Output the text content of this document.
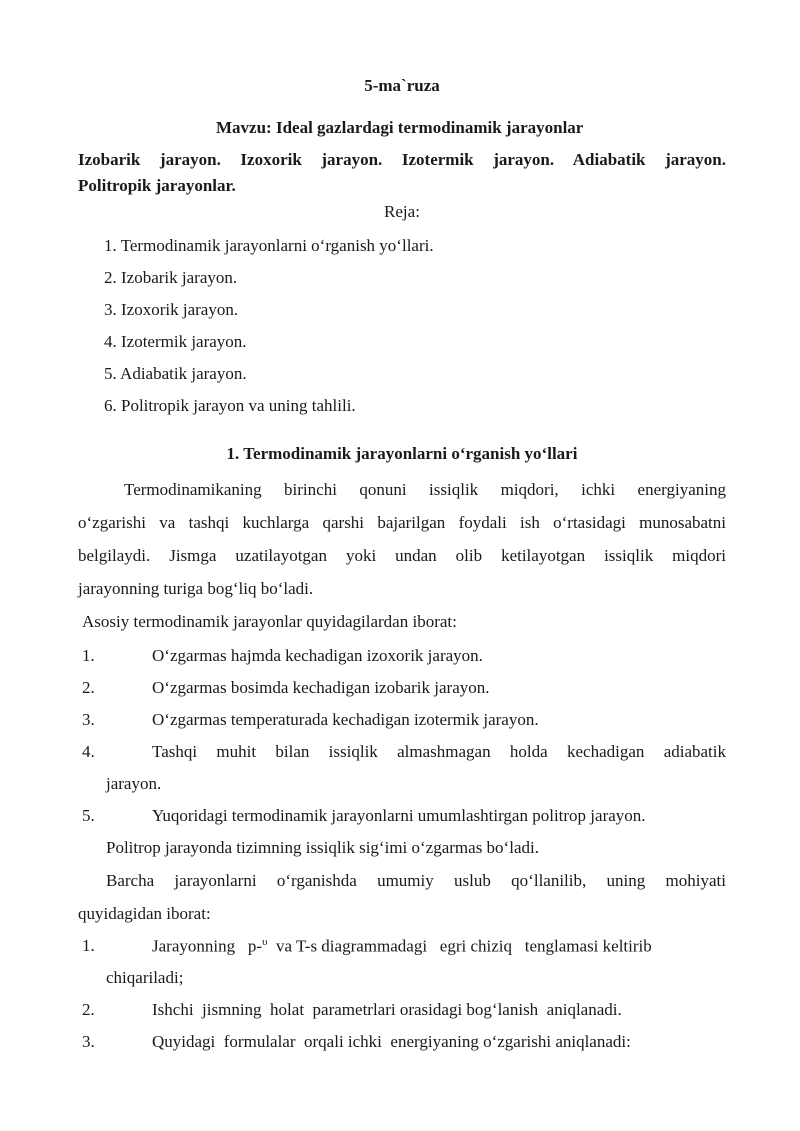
5-ma`ruza
Mavzu: Ideal gazlardagi termodinamik jarayonlar
Izobarik jarayon. Izoxorik jarayon. Izotermik jarayon. Adiabatik jarayon.
Politropik jarayonlar.
Reja:
1. Termodinamik jarayonlarni o‘rganish yo‘llari.
2. Izobarik jarayon.
3. Izoxorik jarayon.
4. Izotermik jarayon.
5. Adiabatik jarayon.
6. Politropik jarayon va uning tahlili.
1. Termodinamik jarayonlarni o‘rganish yo‘llari
Termodinamikaning birinchi qonuni issiqlik miqdori, ichki energiyaning
o‘zgarishi va tashqi kuchlarga qarshi bajarilgan foydali ish o‘rtasidagi munosabatni
belgilaydi. Jismga uzatilayotgan yoki undan olib ketilayotgan issiqlik miqdori
jarayonning turiga bog‘liq bo‘ladi.
Asosiy termodinamik jarayonlar quyidagilardan iborat:
1.	O‘zgarmas hajmda kechadigan izoxorik jarayon.
2.	O‘zgarmas bosimda kechadigan izobarik jarayon.
3.	O‘zgarmas temperaturada kechadigan izotermik jarayon.
4.	Tashqi muhit bilan issiqlik almashmagan holda kechadigan adiabatik
jarayon.
5.	Yuqoridagi termodinamik jarayonlarni umumlashtirgan politrop jarayon.
Politrop jarayonda tizimning issiqlik sig‘imi o‘zgarmas bo‘ladi.
Barcha jarayonlarni o‘rganishda umumiy uslub qo‘llanilib, uning mohiyati
quyidagidan iborat:
1.	Jarayonning   p-$^\upsilon$  va T-s diagrammadagi   egri chiziq   tenglamasi keltirib
chiqariladi;
2.	Ishchi  jismning  holat  parametrlari orasidagi bog‘lanish  aniqlanadi.
3.	Quyidagi  formulalar  orqali ichki  energiyaning o‘zgarishi aniqlanadi:
